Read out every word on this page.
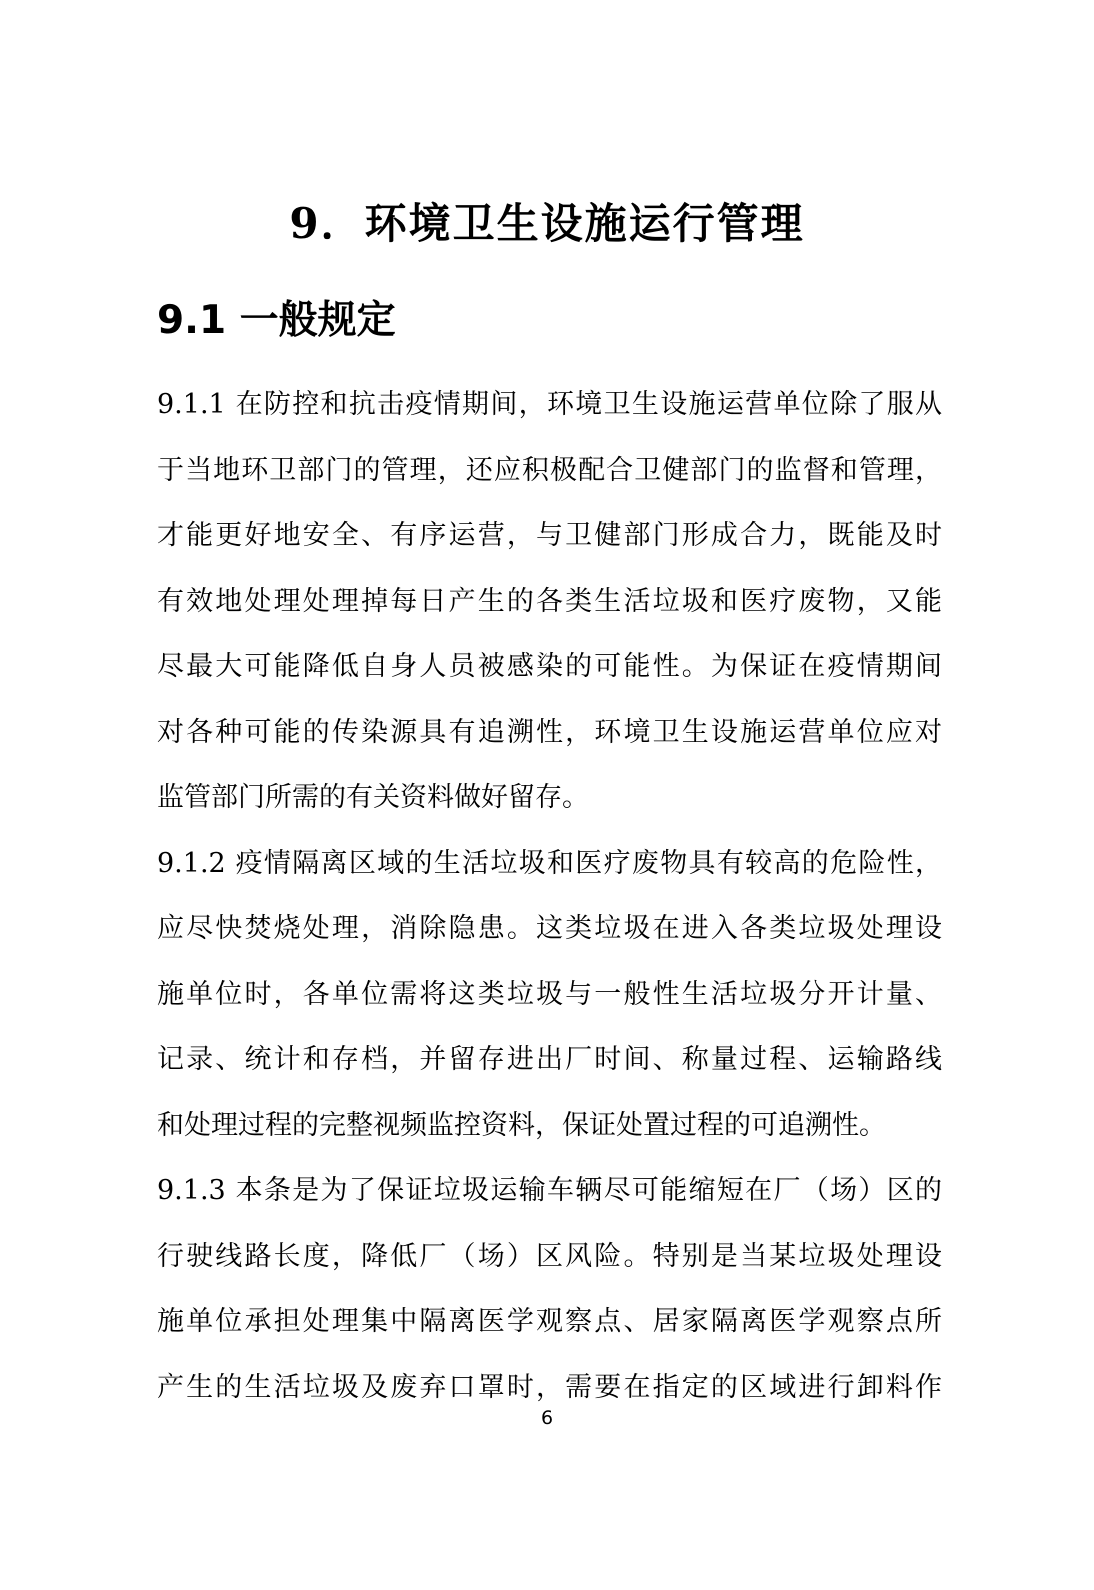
9．环境卫生设施运行管理
9.1 一般规定
9.1.1 在防控和抗击疫情期间，环境卫生设施运营单位除了服从
于当地环卫部门的管理，还应积极配合卫健部门的监督和管理，
才能更好地安全、有序运营，与卫健部门形成合力，既能及时
有效地处理处理掉每日产生的各类生活垃圾和医疗废物，又能
尽最大可能降低自身人员被感染的可能性。为保证在疫情期间
对各种可能的传染源具有追溯性，环境卫生设施运营单位应对
监管部门所需的有关资料做好留存。
9.1.2 疫情隔离区域的生活垃圾和医疗废物具有较高的危险性，
应尽快焚烧处理，消除隐患。这类垃圾在进入各类垃圾处理设
施单位时，各单位需将这类垃圾与一般性生活垃圾分开计量、
记录、统计和存档，并留存进出厂时间、称量过程、运输路线
和处理过程的完整视频监控资料，保证处置过程的可追溯性。
9.1.3 本条是为了保证垃圾运输车辆尽可能缩短在厂（场）区的
行驶线路长度，降低厂（场）区风险。特别是当某垃圾处理设
施单位承担处理集中隔离医学观察点、居家隔离医学观察点所
产生的生活垃圾及废弃口罩时，需要在指定的区域进行卸料作
6
